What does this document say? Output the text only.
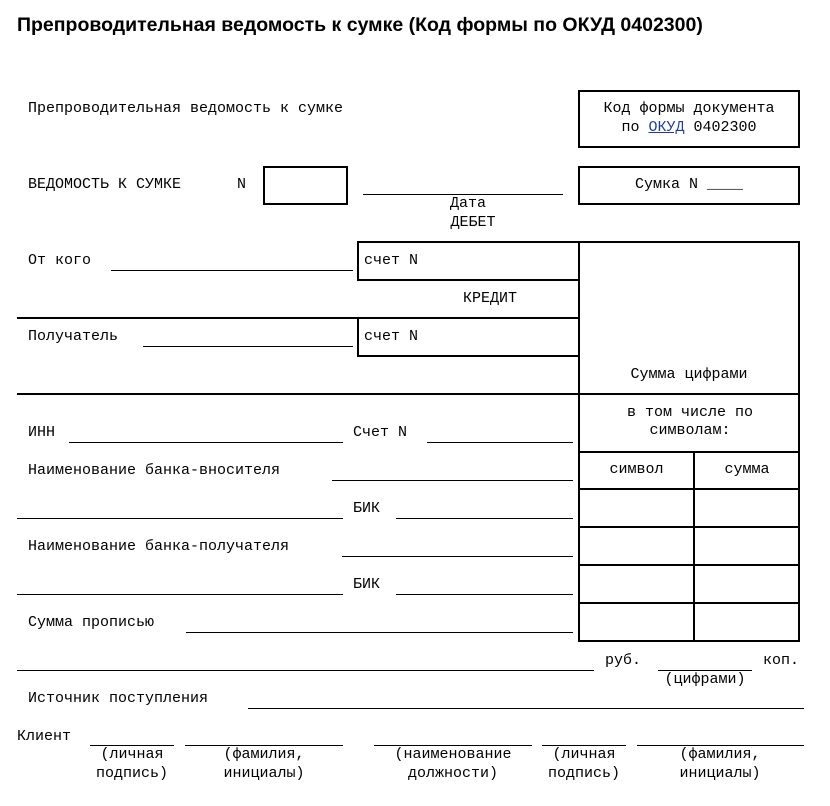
Препроводительная ведомость к сумке (Код формы по ОКУД 0402300)
Препроводительная ведомость к сумке	Код формы документа
по ОКУД 0402300
ВЕДОМОСТЬ К СУМКЕ	N
Дата
Сумка N ____
ДЕБЕТ
От кого	счет N
КРЕДИТ
Получатель	счет N
Сумма цифрами
в том числе по символам:
символ	сумма
ИНН	Счет N
Наименование банка-вносителя
БИК
Наименование банка-получателя
БИК
Сумма прописью
руб.	коп.
(цифрами)
Источник поступления
Клиент
(личная
подпись)
(фамилия,
инициалы)
(наименование
должности)
(личная
подпись)
(фамилия,
инициалы)
